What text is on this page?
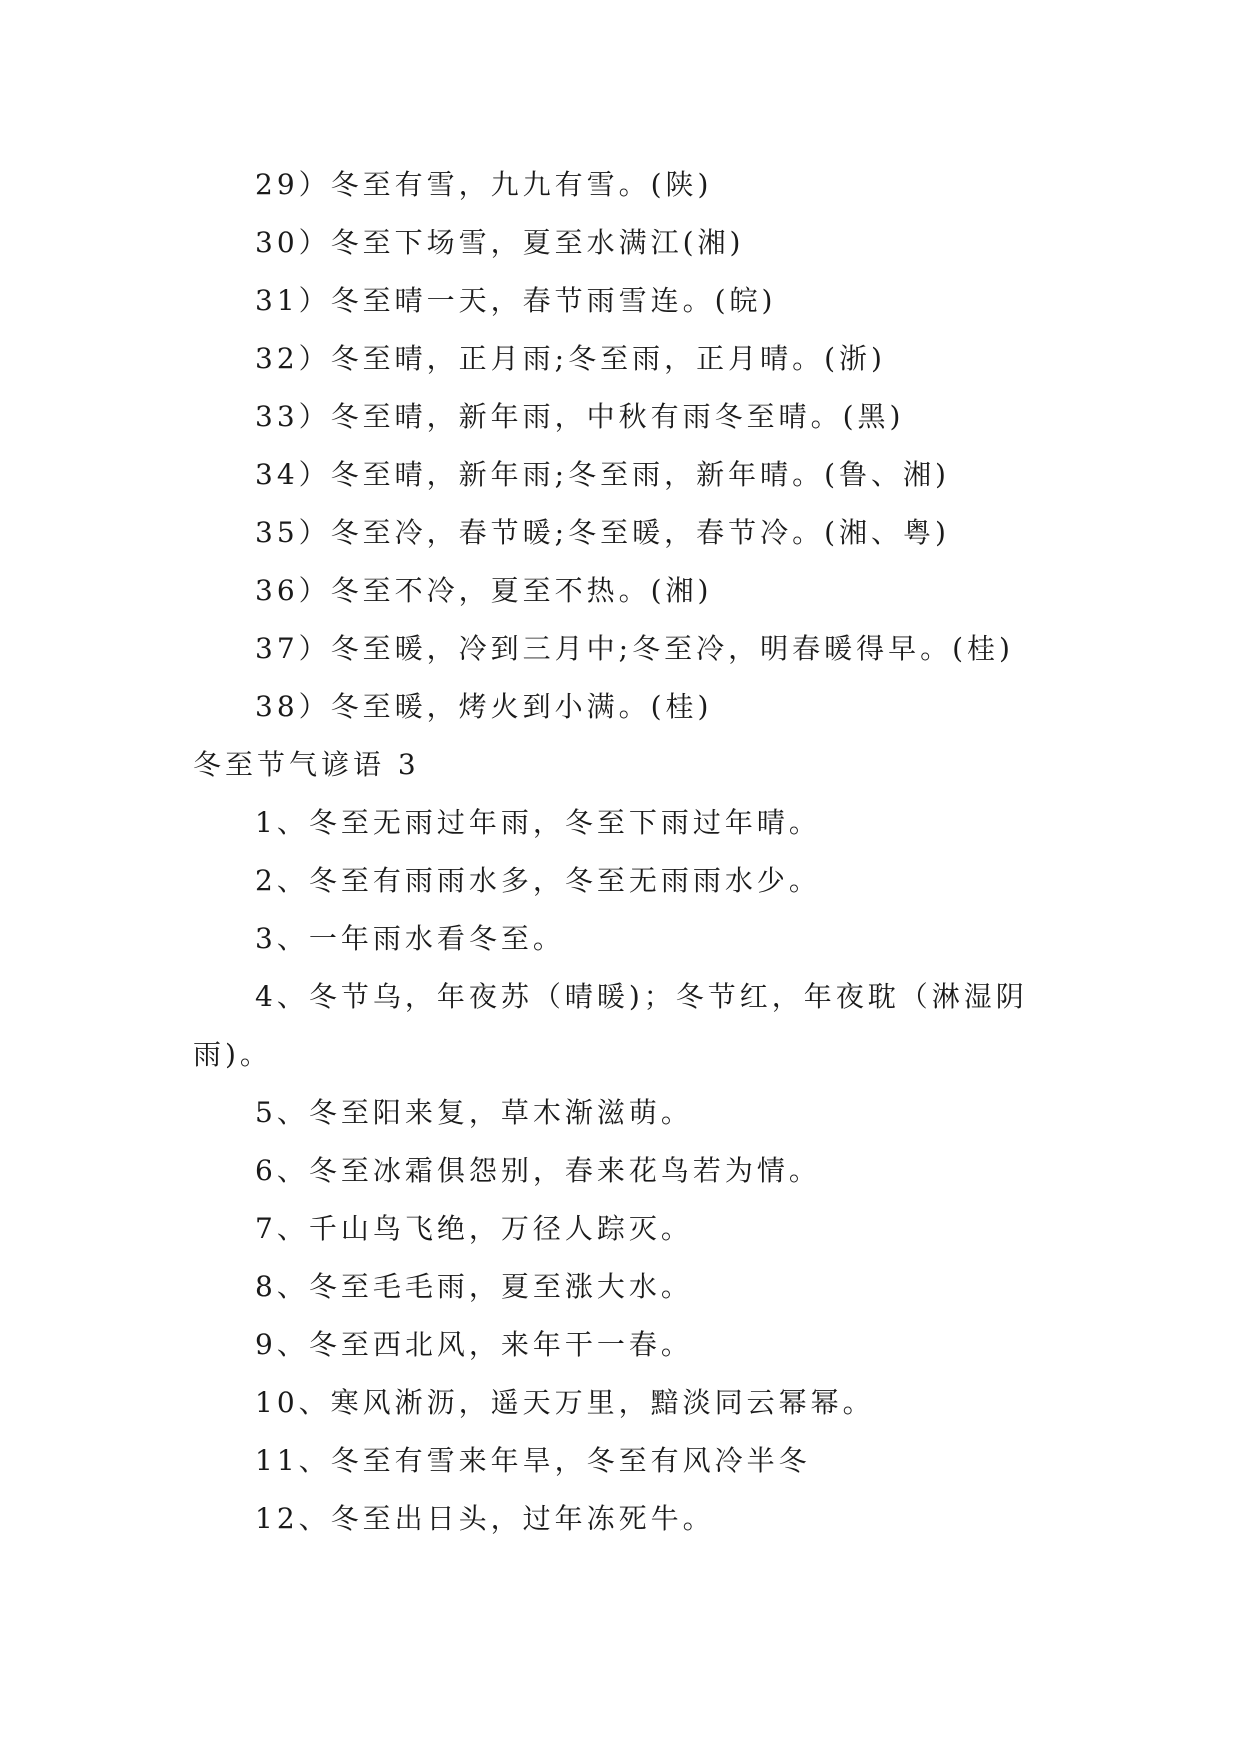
29）冬至有雪，九九有雪。(陕)
30）冬至下场雪，夏至水满江(湘)
31）冬至晴一天，春节雨雪连。(皖)
32）冬至晴，正月雨;冬至雨，正月晴。(浙)
33）冬至晴，新年雨，中秋有雨冬至晴。(黑)
34）冬至晴，新年雨;冬至雨，新年晴。(鲁、湘)
35）冬至冷，春节暖;冬至暖，春节冷。(湘、粤)
36）冬至不冷，夏至不热。(湘)
37）冬至暖，冷到三月中;冬至冷，明春暖得早。(桂)
38）冬至暖，烤火到小满。(桂)
冬至节气谚语 3
1、冬至无雨过年雨，冬至下雨过年晴。
2、冬至有雨雨水多，冬至无雨雨水少。
3、一年雨水看冬至。
4、冬节乌，年夜苏（晴暖)；冬节红，年夜耽（淋湿阴雨)。
5、冬至阳来复，草木渐滋萌。
6、冬至冰霜俱怨别，春来花鸟若为情。
7、千山鸟飞绝，万径人踪灭。
8、冬至毛毛雨，夏至涨大水。
9、冬至西北风，来年干一春。
10、寒风淅沥，遥天万里，黯淡同云幂幂。
11、冬至有雪来年旱，冬至有风冷半冬
12、冬至出日头，过年冻死牛。
